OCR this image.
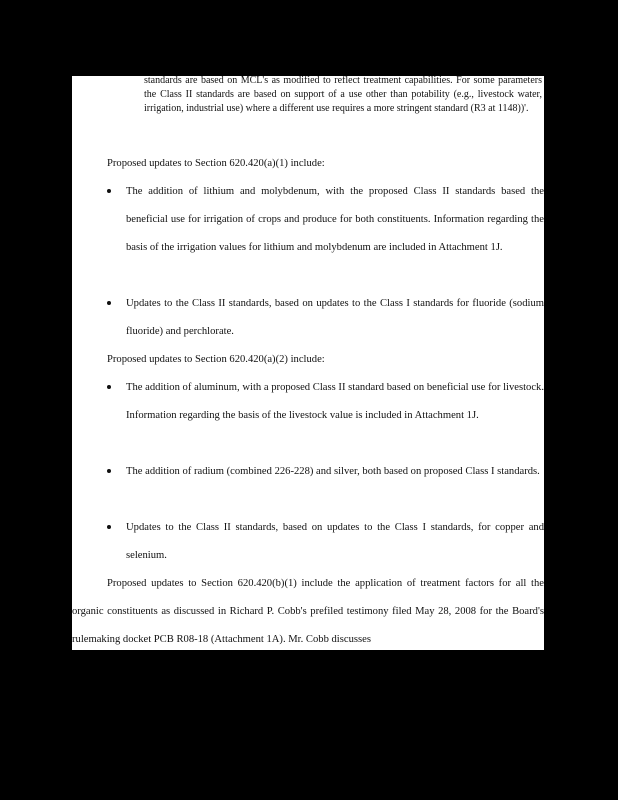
standards are based on MCL's as modified to reflect treatment capabilities. For some parameters the Class II standards are based on support of a use other than potability (e.g., livestock water, irrigation, industrial use) where a different use requires a more stringent standard (R3 at 1148))'.
Proposed updates to Section 620.420(a)(1) include:
The addition of lithium and molybdenum, with the proposed Class II standards based the beneficial use for irrigation of crops and produce for both constituents. Information regarding the basis of the irrigation values for lithium and molybdenum are included in Attachment 1J.
Updates to the Class II standards, based on updates to the Class I standards for fluoride (sodium fluoride) and perchlorate.
Proposed updates to Section 620.420(a)(2) include:
The addition of aluminum, with a proposed Class II standard based on beneficial use for livestock. Information regarding the basis of the livestock value is included in Attachment 1J.
The addition of radium (combined 226-228) and silver, both based on proposed Class I standards.
Updates to the Class II standards, based on updates to the Class I standards, for copper and selenium.
Proposed updates to Section 620.420(b)(1) include the application of treatment factors for all the organic constituents as discussed in Richard P. Cobb's prefiled testimony filed May 28, 2008 for the Board's rulemaking docket PCB R08-18 (Attachment 1A). Mr. Cobb discusses
